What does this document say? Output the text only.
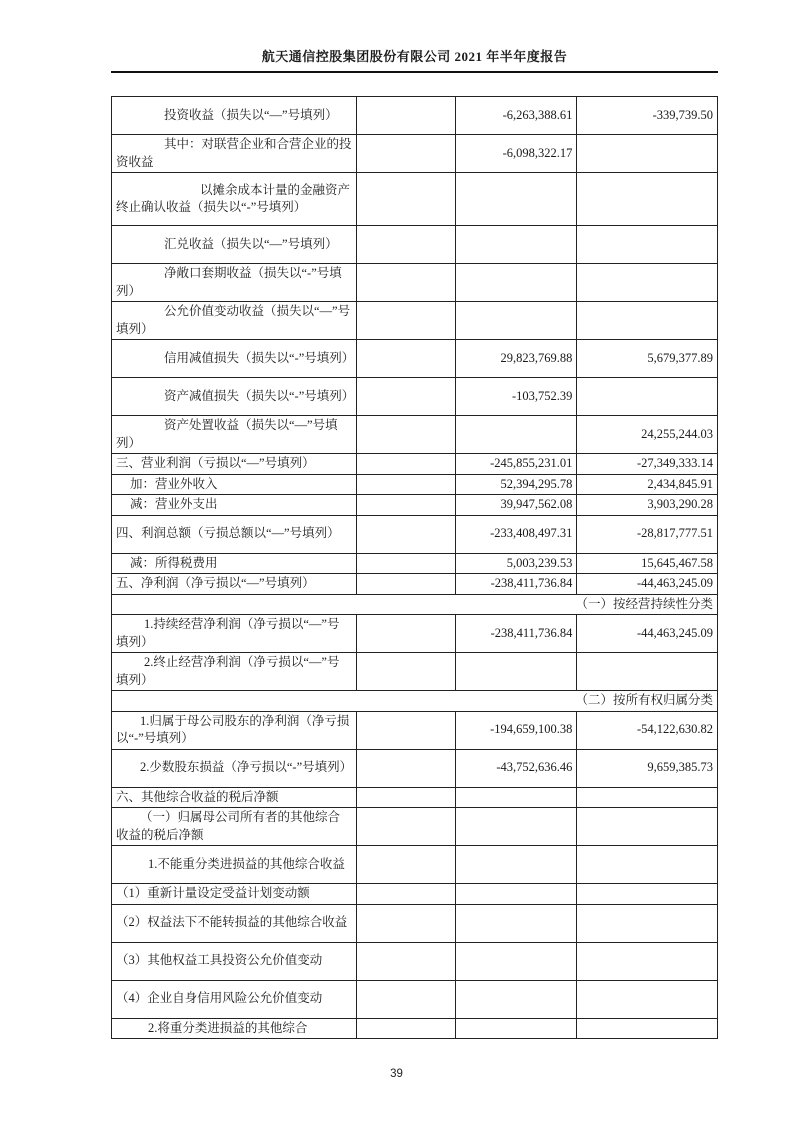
航天通信控股集团股份有限公司 2021 年半年度报告
投资收益（损失以“—”号填列）		-6,263,388.61	-339,739.50
其中：对联营企业和合营企业的投资收益		-6,098,322.17	
以摊余成本计量的金融资产终止确认收益（损失以“-”号填列）			
汇兑收益（损失以“—”号填列）			
净敞口套期收益（损失以“-”号填列）			
公允价值变动收益（损失以“—”号填列）			
信用减值损失（损失以“-”号填列）		29,823,769.88	5,679,377.89
资产减值损失（损失以“-”号填列）		-103,752.39	
资产处置收益（损失以“—”号填列）			24,255,244.03
三、营业利润（亏损以“—”号填列）		-245,855,231.01	-27,349,333.14
加：营业外收入		52,394,295.78	2,434,845.91
减：营业外支出		39,947,562.08	3,903,290.28
四、利润总额（亏损总额以“—”号填列）		-233,408,497.31	-28,817,777.51
减：所得税费用		5,003,239.53	15,645,467.58
五、净利润（净亏损以“—”号填列）		-238,411,736.84	-44,463,245.09
（一）按经营持续性分类			
1.持续经营净利润（净亏损以“—”号填列）		-238,411,736.84	-44,463,245.09
2.终止经营净利润（净亏损以“—”号填列）			
（二）按所有权归属分类			
1.归属于母公司股东的净利润（净亏损以“-”号填列）		-194,659,100.38	-54,122,630.82
2.少数股东损益（净亏损以“-”号填列）		-43,752,636.46	9,659,385.73
六、其他综合收益的税后净额			
（一）归属母公司所有者的其他综合收益的税后净额			
1.不能重分类进损益的其他综合收益			
（1）重新计量设定受益计划变动额			
（2）权益法下不能转损益的其他综合收益			
（3）其他权益工具投资公允价值变动			
（4）企业自身信用风险公允价值变动			
2.将重分类进损益的其他综合			
39
